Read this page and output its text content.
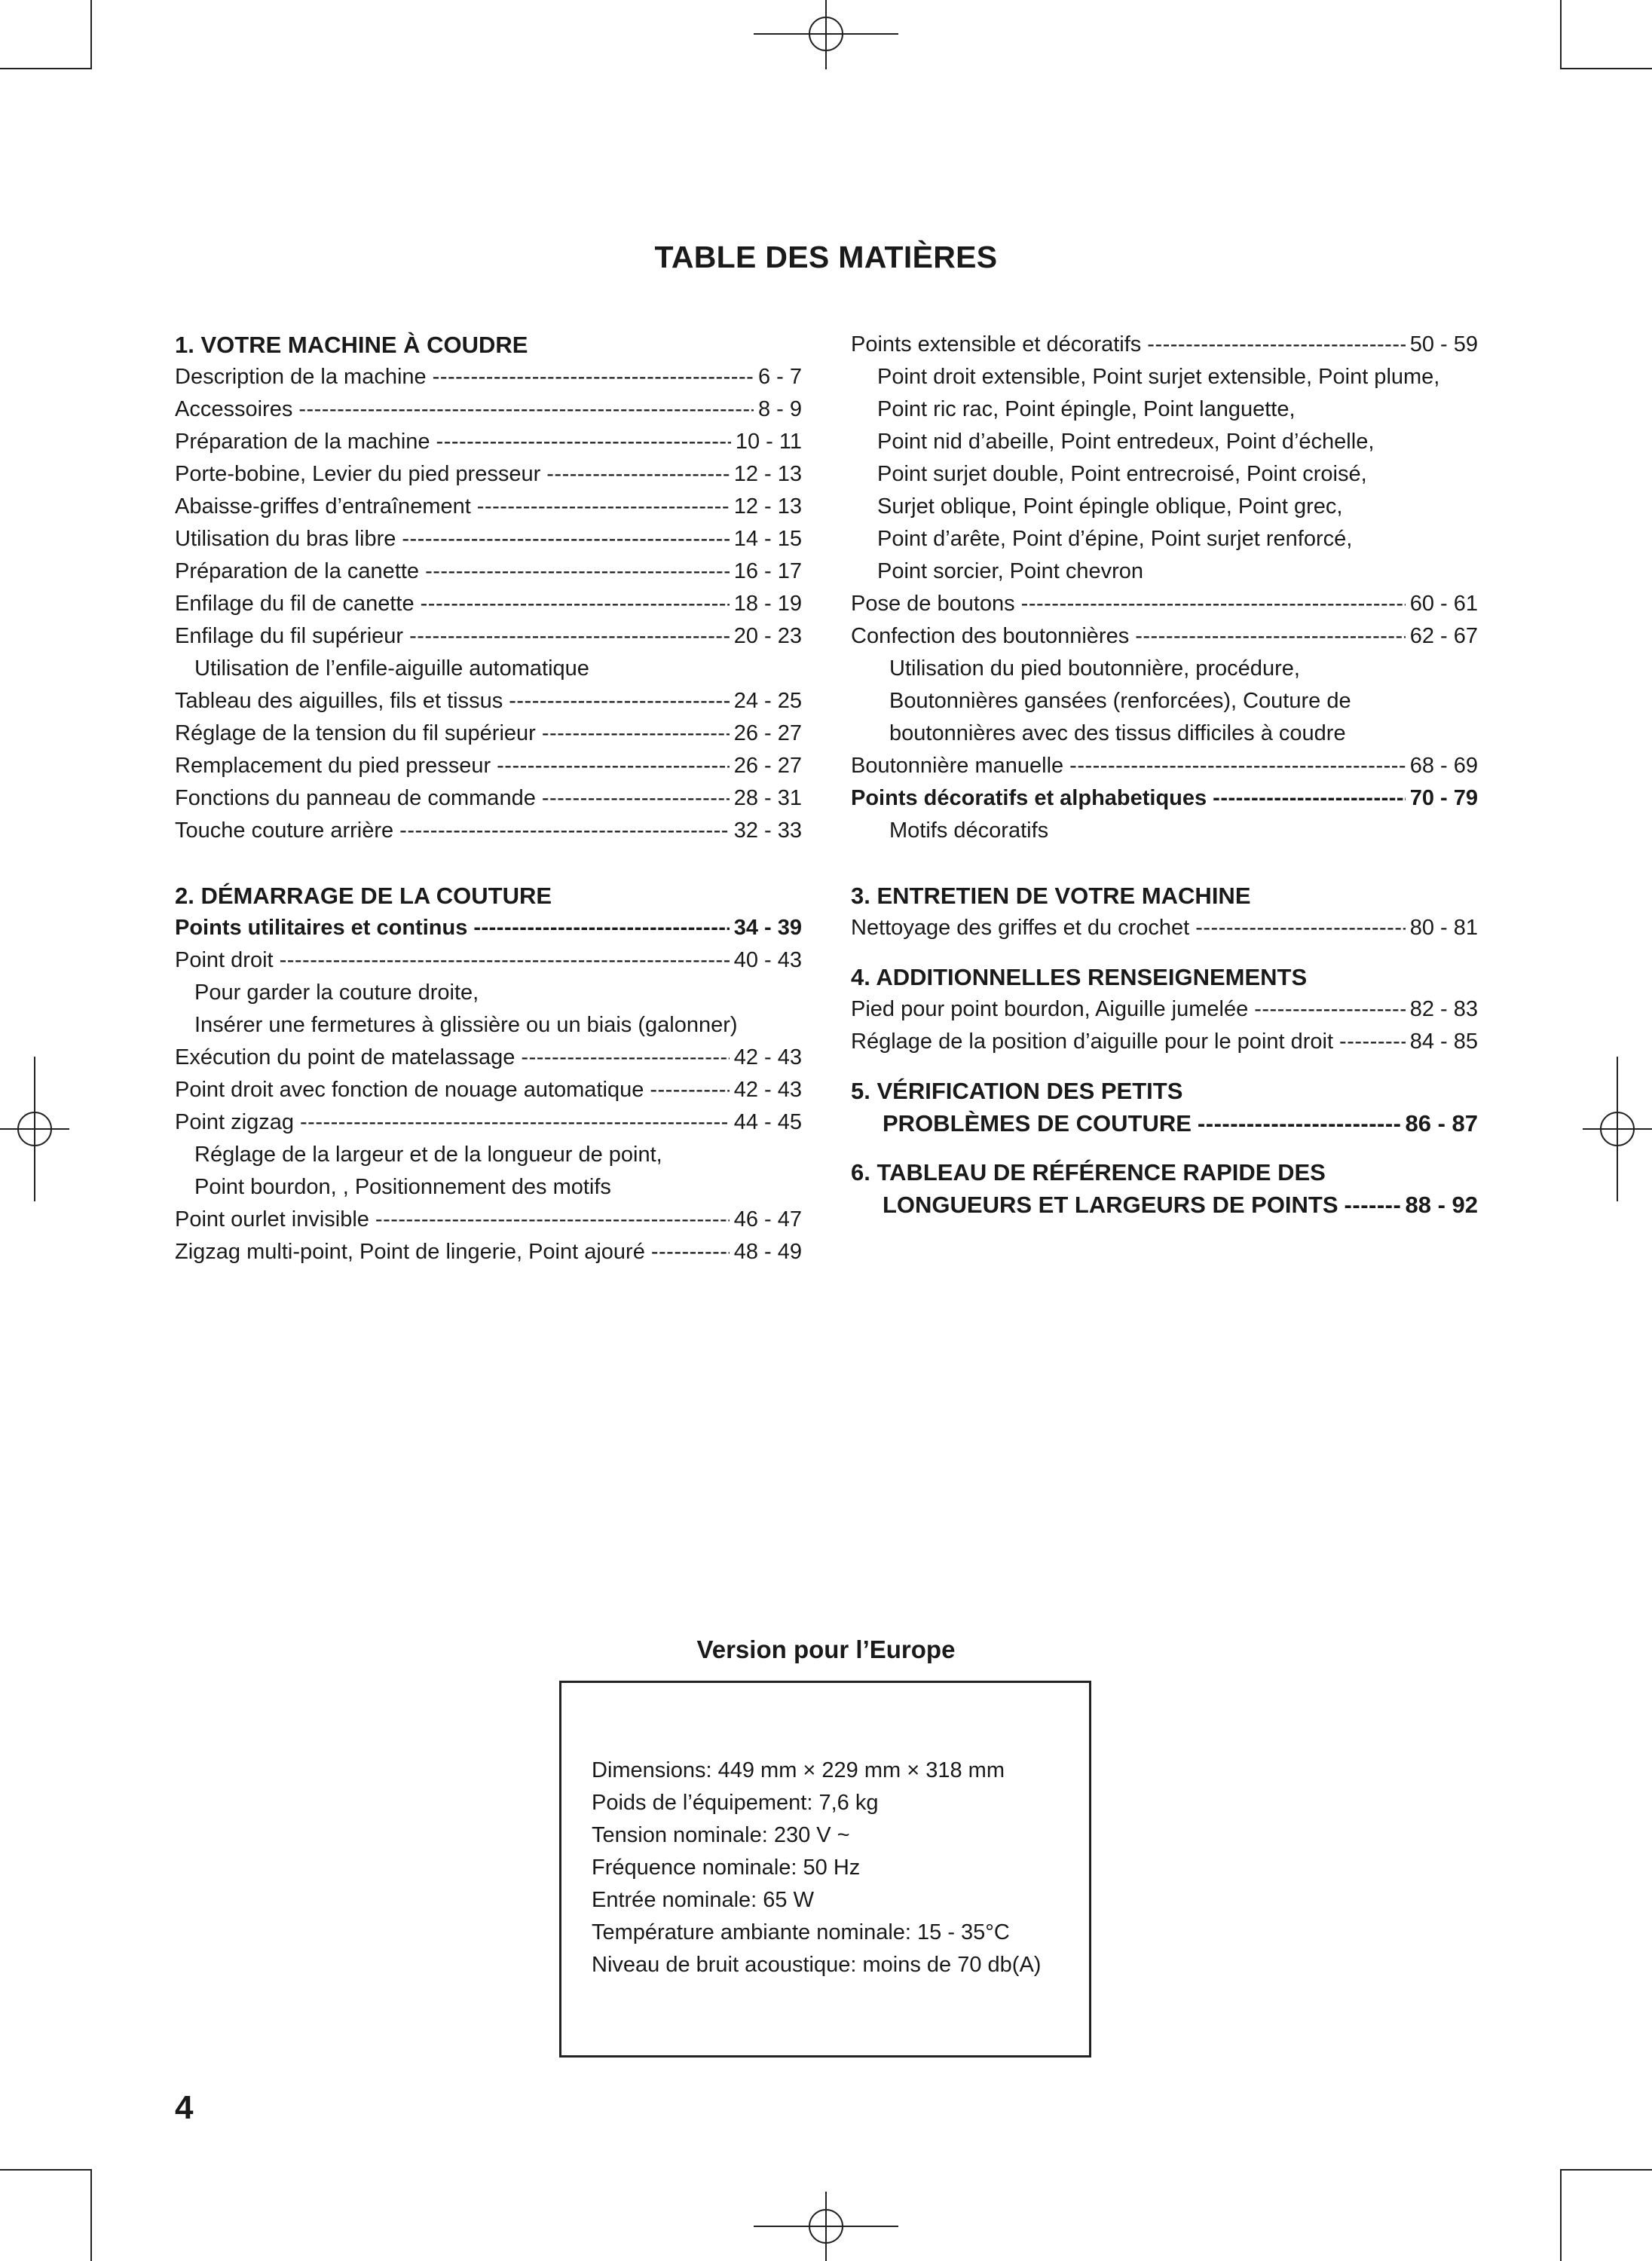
TABLE DES MATIÈRES
1. VOTRE MACHINE À COUDRE
Description de la machine -----	6 - 7
Accessoires -----	8 - 9
Préparation de la machine -----	10 - 11
Porte-bobine, Levier du pied presseur -----	12 - 13
Abaisse-griffes d’entraînement -----	12 - 13
Utilisation du bras libre -----	14 - 15
Préparation de la canette -----	16 - 17
Enfilage du fil de canette -----	18 - 19
Enfilage du fil supérieur -----	20 - 23
Utilisation de l’enfile-aiguille automatique
Tableau des aiguilles, fils et tissus -----	24 - 25
Réglage de la tension du fil supérieur -----	26 - 27
Remplacement du pied presseur -----	26 - 27
Fonctions du panneau de commande -----	28 - 31
Touche couture arrière -----	32 - 33
2. DÉMARRAGE DE LA COUTURE
Points utilitaires et continus -----	34 - 39
Point droit -----	40 - 43
Pour garder la couture droite,
Insérer une fermetures à glissière ou un biais (galonner)
Exécution du point de matelassage -----	42 - 43
Point droit avec fonction de nouage automatique -----	42 - 43
Point zigzag -----	44 - 45
Réglage de la largeur et de la longueur de point,
Point bourdon, , Positionnement des motifs
Point ourlet invisible -----	46 - 47
Zigzag multi-point, Point de lingerie, Point ajouré -----	48 - 49
Points extensible et décoratifs -----	50 - 59
Point droit extensible, Point surjet extensible, Point plume,
Point ric rac, Point épingle, Point languette,
Point nid d’abeille, Point entredeux, Point d’échelle,
Point surjet double, Point entrecroisé, Point croisé,
Surjet oblique, Point épingle oblique, Point grec,
Point d’arête, Point d’épine, Point surjet renforcé,
Point sorcier, Point chevron
Pose de boutons -----	60 - 61
Confection des boutonnières -----	62 - 67
Utilisation du pied boutonnière, procédure,
Boutonnières gansées (renforcées), Couture de
boutonnières avec des tissus difficiles à coudre
Boutonnière manuelle -----	68 - 69
Points décoratifs et alphabetiques -----	70 - 79
Motifs décoratifs
3. ENTRETIEN DE VOTRE MACHINE
Nettoyage des griffes et du crochet -----	80 - 81
4. ADDITIONNELLES RENSEIGNEMENTS
Pied pour point bourdon, Aiguille jumelée -----	82 - 83
Réglage de la position d’aiguille pour le point droit -----	84 - 85
5. VÉRIFICATION DES PETITS
PROBLÈMES DE COUTURE -----	86 - 87
6. TABLEAU DE RÉFÉRENCE RAPIDE DES
LONGUEURS ET LARGEURS DE POINTS -----	88 - 92
Version pour l’Europe
Dimensions: 449 mm × 229 mm × 318 mm
Poids de l’équipement: 7,6 kg
Tension nominale: 230 V ~
Fréquence nominale: 50 Hz
Entrée nominale: 65 W
Température ambiante nominale: 15 - 35°C
Niveau de bruit acoustique: moins de 70 db(A)
4
